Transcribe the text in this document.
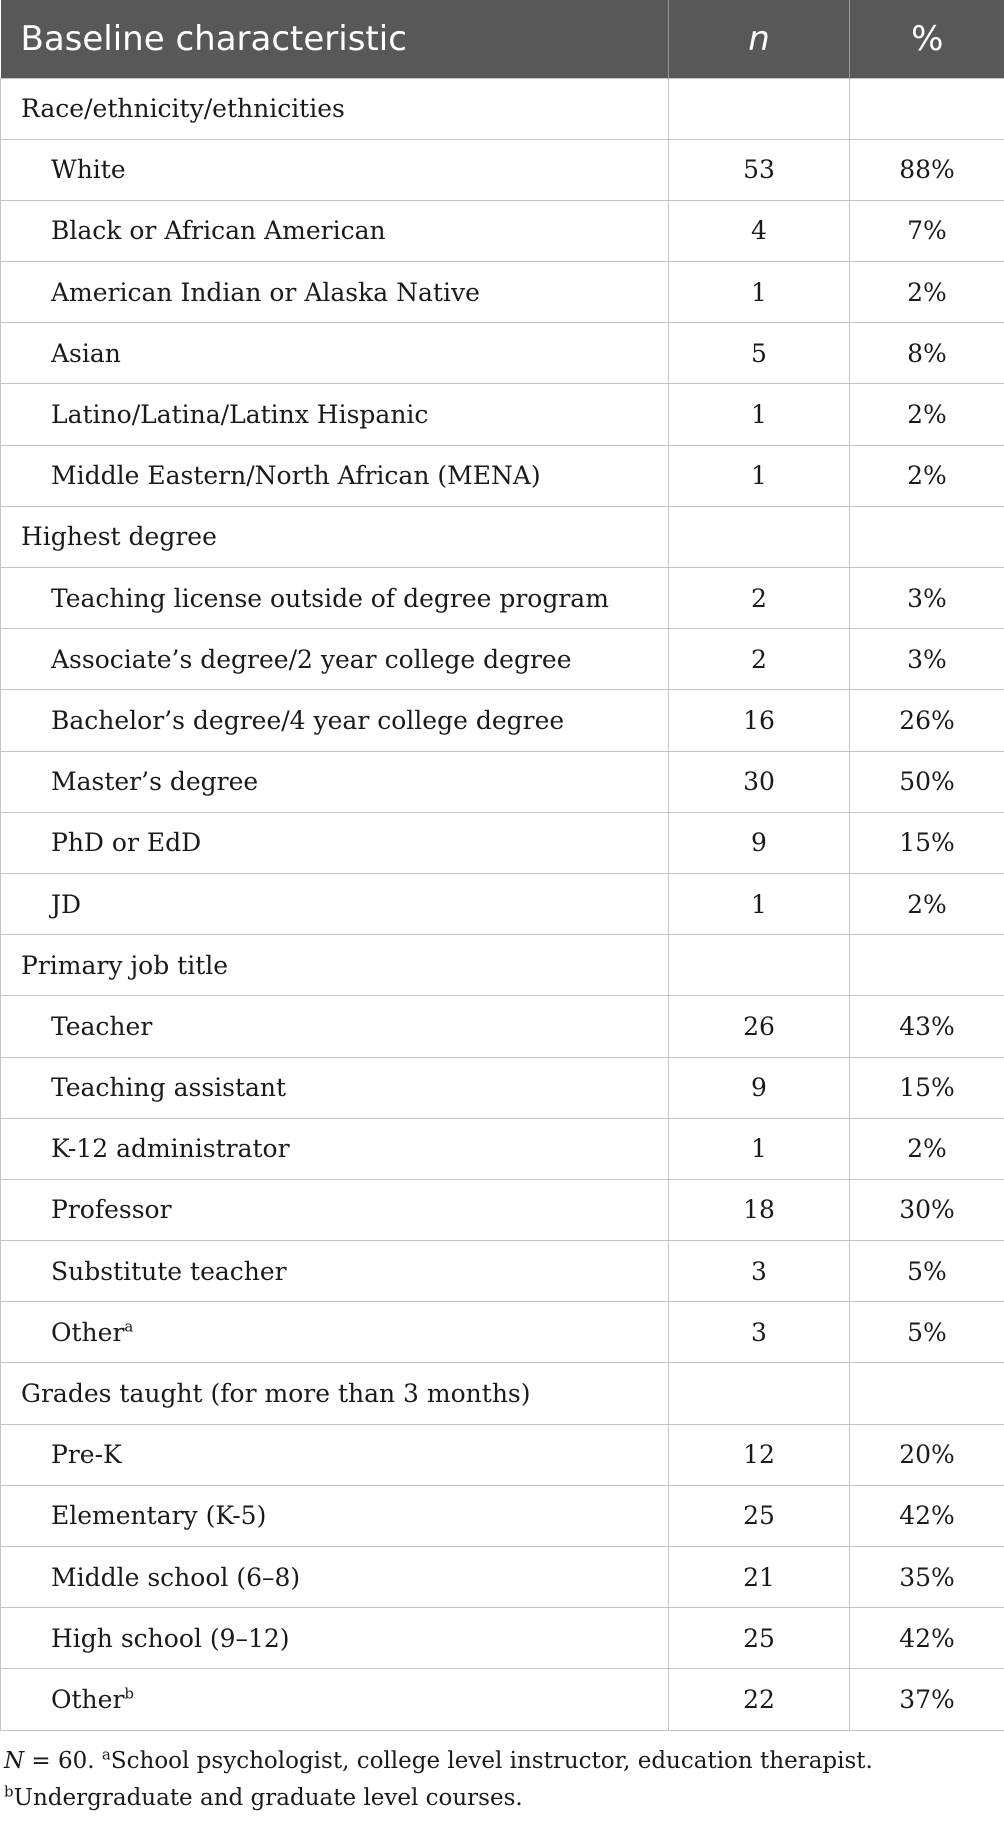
Baseline characteristic	n	%
Race/ethnicity/ethnicities		
White	53	88%
Black or African American	4	7%
American Indian or Alaska Native	1	2%
Asian	5	8%
Latino/Latina/Latinx Hispanic	1	2%
Middle Eastern/North African (MENA)	1	2%
Highest degree		
Teaching license outside of degree program	2	3%
Associate’s degree/2 year college degree	2	3%
Bachelor’s degree/4 year college degree	16	26%
Master’s degree	30	50%
PhD or EdD	9	15%
JD	1	2%
Primary job title		
Teacher	26	43%
Teaching assistant	9	15%
K-12 administrator	1	2%
Professor	18	30%
Substitute teacher	3	5%
Other$^a$	3	5%
Grades taught (for more than 3 months)		
Pre-K	12	20%
Elementary (K-5)	25	42%
Middle school (6–8)	21	35%
High school (9–12)	25	42%
Other$^b$	22	37%

N = 60. $^a$School psychologist, college level instructor, education therapist. $^b$Undergraduate and graduate level courses.
